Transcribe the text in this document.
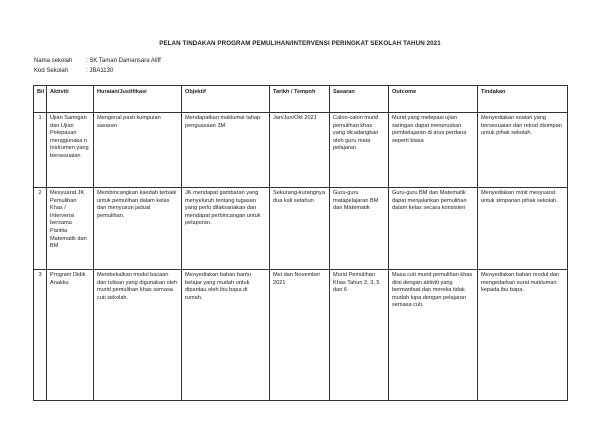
PELAN TINDAKAN PROGRAM PEMULIHAN/INTERVENSI PERINGKAT SEKOLAH TAHUN 2021
Nama sekolah : SK Taman Damansara Aliff
Kod Sekolah	: JBA1130
Bil	Aktiviti	Huraian/Justifikasi	Objektif	Tarikh / Tempoh	Sasaran	Outcome	Tindakan
1	Ujian Saringan dan Ujian Pelepasan menggunaka n Instrumen yang bersesuaian	Mengenal pasti kumpulan sasaran	Mendapatkan maklumat tahap penguasaan 3M	Jan/Jun/Okt 2021	Calon-calon murid pemulihan khas yang dicadangkan oleh guru mata pelajaran	Murid yang melepasi ujian saringan dapat meneruskan pembelajaran di arus perdana seperti biasa	Menyediakan soalan yang bersesuaian dan rekod disimpan untuk pihak sekolah.
2	Mesyuarat JK Pemulihan Khas / Intervensi bersama Panitia Matematik dan BM	Membincangkan kaedah terbaik untuk pemulihan dalam kelas dan menyusun jadual pemulihan.	JK mendapat gambaran yang menyeluruh tentang tugasan yang perlu dilaksanakan dan mendapat perbincangan untuk pelaporan.	Sekurang-kurangnya dua kali setahun	Guru-guru matapelajaran BM dan Matematik	Guru-guru BM dan Matematik dapat menjalankan pemulihan dalam kelas secara konsisten	Menyediakan minit mesyuarat untuk simpanan pihak sekolah.
3	Program Didik Anakku	Membekalkan modul bacaan dan tulisan yang digunakan oleh murid pemulihan khas semasa cuti sekolah.	Menyediakan bahan bantu belajar yang mudah untuk dipantau oleh ibu bapa di rumah.	Mei dan November 2021	Murid Pemulihan Khas Tahun 2, 3, 5 dan 6	Masa cuti murid pemulihan khas diisi dengan aktiviti yang bermanfaat dan mereka tidak mudah lupa dengan pelajaran semasa cuti.	Menyediakan bahan modul dan mengedarkan surat makluman kepada ibu bapa.
